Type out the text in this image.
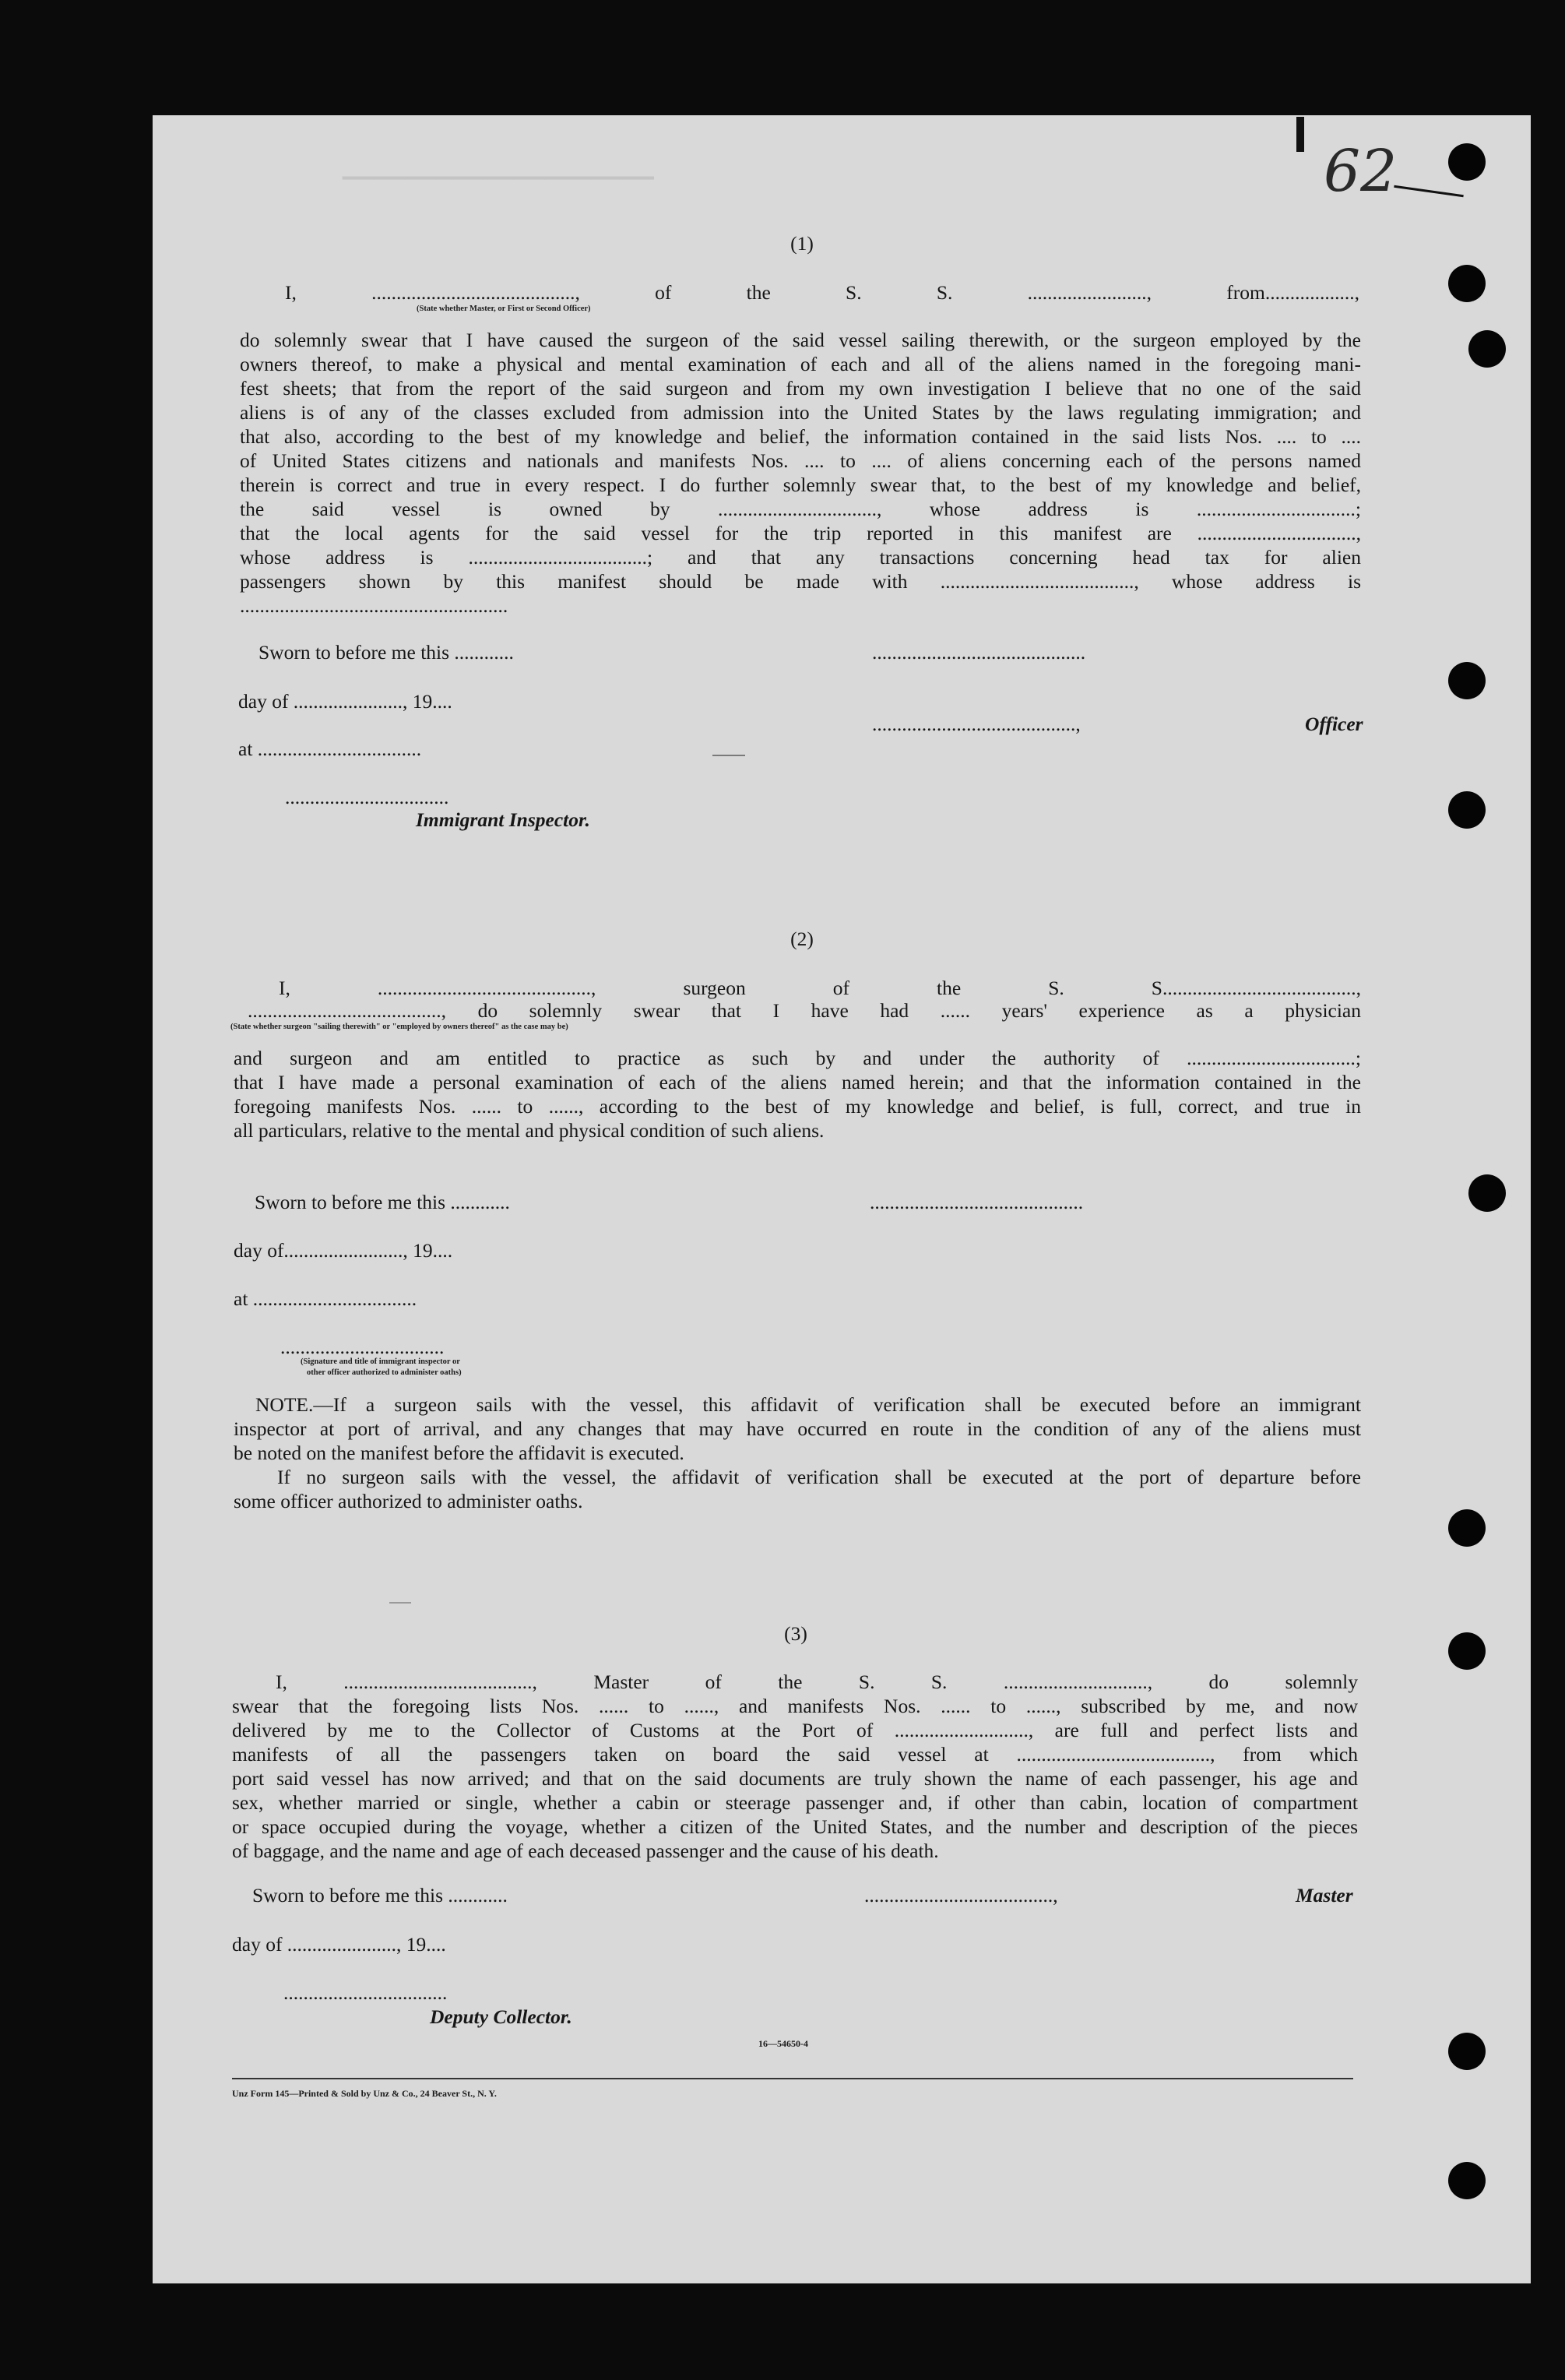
▔▔▔▔▔▔▔▔▔▔▔▔▔▔▔▔▔▔▔▔	62
(1)
I, ........................................., of the S. S. ........................, from..................,
(State whether Master, or First or Second Officer)
do solemnly swear that I have caused the surgeon of the said vessel sailing therewith, or the surgeon employed by the
owners thereof, to make a physical and mental examination of each and all of the aliens named in the foregoing mani-
fest sheets; that from the report of the said surgeon and from my own investigation I believe that no one of the said
aliens is of any of the classes excluded from admission into the United States by the laws regulating immigration; and
that also, according to the best of my knowledge and belief, the information contained in the said lists Nos. .... to ....
of United States citizens and nationals and manifests Nos. .... to .... of aliens concerning each of the persons named
therein is correct and true in every respect. I do further solemnly swear that, to the best of my knowledge and belief,
the said vessel is owned by ................................, whose address is ................................;
that the local agents for the said vessel for the trip reported in this manifest are ................................,
whose address is ....................................; and that any transactions concerning head tax for alien
passengers shown by this manifest should be made with ......................................., whose address is
......................................................
Sworn to before me this ............
day of ......................, 19....
at .................................
.................................
Immigrant Inspector.
...........................................
.........................................,	Officer
(2)
I, ..........................................., surgeon of the S. S.......................................,
......................................., do solemnly swear that I have had ...... years' experience as a physician
(State whether surgeon "sailing therewith" or "employed by owners thereof" as the case may be)
and surgeon and am entitled to practice as such by and under the authority of ..................................;
that I have made a personal examination of each of the aliens named herein; and that the information contained in the
foregoing manifests Nos. ...... to ......, according to the best of my knowledge and belief, is full, correct, and true in
all particulars, relative to the mental and physical condition of such aliens.
Sworn to before me this ............
day of........................, 19....
at .................................
.................................
(Signature and title of immigrant inspector or
other officer authorized to administer oaths)
...........................................
NOTE.—If a surgeon sails with the vessel, this affidavit of verification shall be executed before an immigrant
inspector at port of arrival, and any changes that may have occurred en route in the condition of any of the aliens must
be noted on the manifest before the affidavit is executed.
If no surgeon sails with the vessel, the affidavit of verification shall be executed at the port of departure before
some officer authorized to administer oaths.
(3)
I, ......................................, Master of the S. S. ............................., do solemnly
swear that the foregoing lists Nos. ...... to ......, and manifests Nos. ...... to ......, subscribed by me, and now
delivered by me to the Collector of Customs at the Port of ..........................., are full and perfect lists and
manifests of all the passengers taken on board the said vessel at ......................................., from which
port said vessel has now arrived; and that on the said documents are truly shown the name of each passenger, his age and
sex, whether married or single, whether a cabin or steerage passenger and, if other than cabin, location of compartment
or space occupied during the voyage, whether a citizen of the United States, and the number and description of the pieces
of baggage, and the name and age of each deceased passenger and the cause of his death.
Sworn to before me this ............
day of ......................, 19....
.................................
Deputy Collector.
......................................,	Master
16—54650-4
Unz Form 145—Printed & Sold by Unz & Co., 24 Beaver St., N. Y.
